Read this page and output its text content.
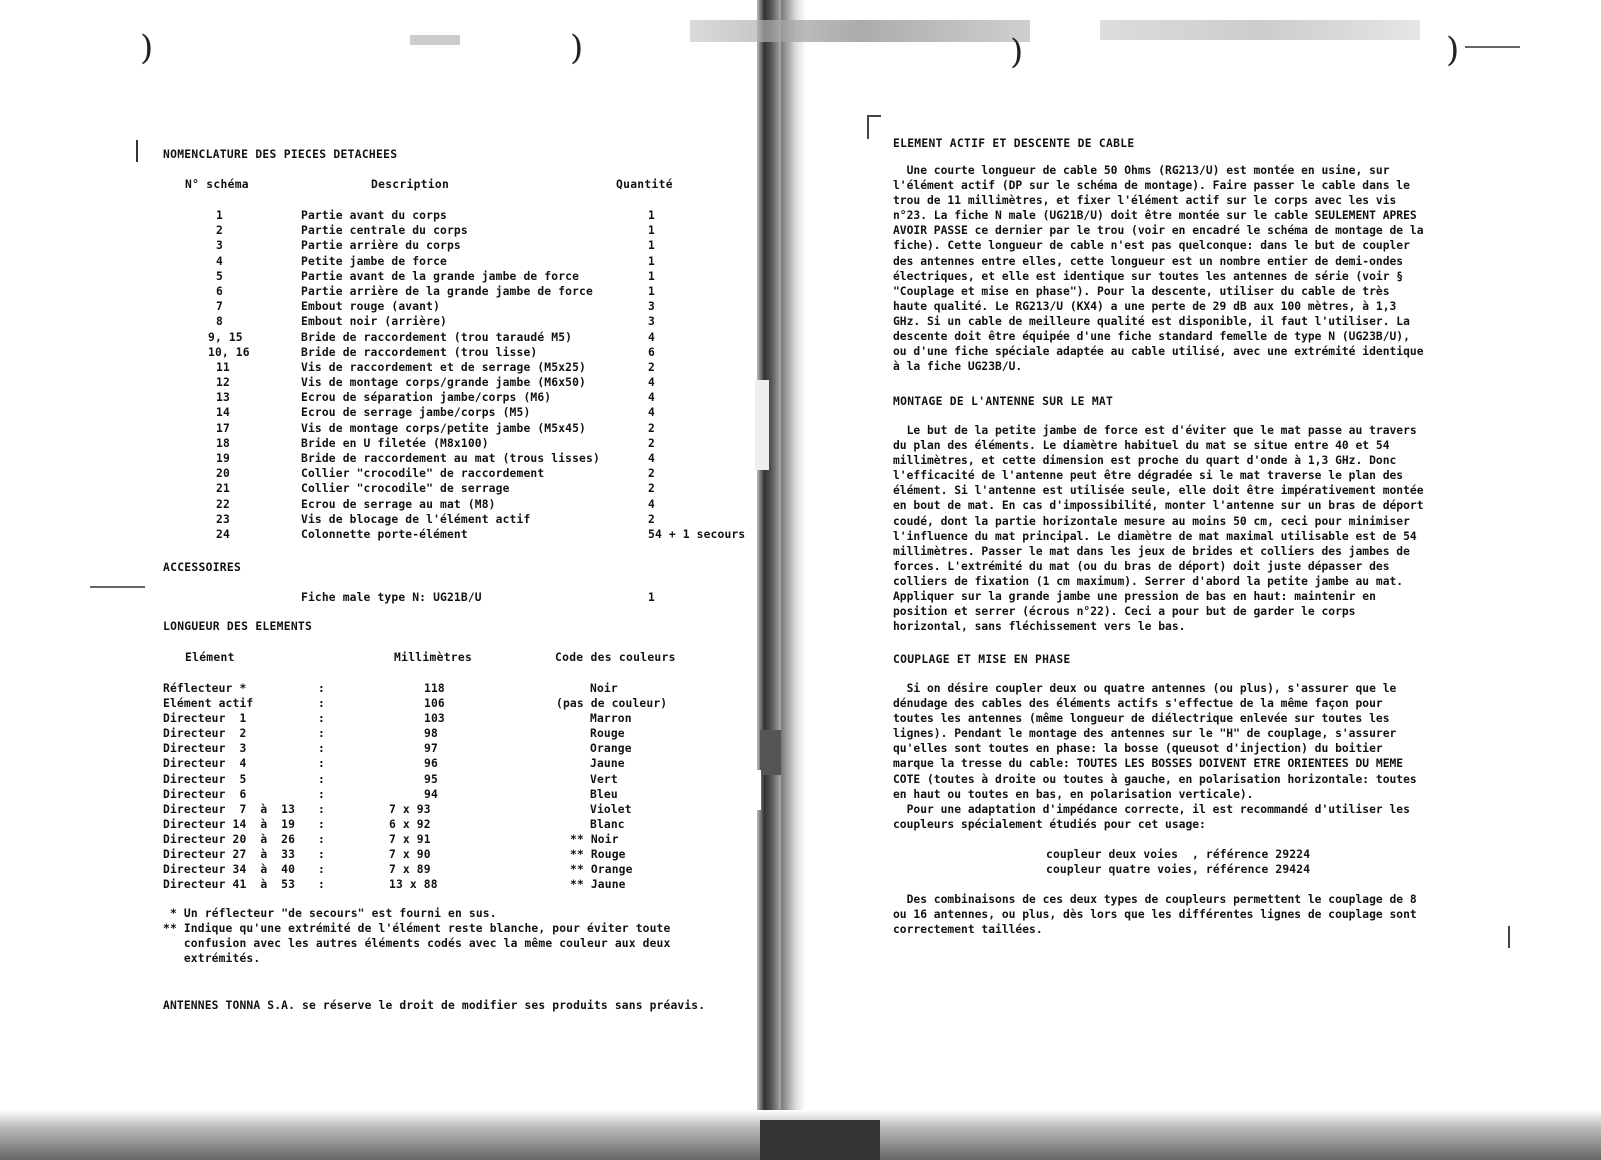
)	)	)	)
NOMENCLATURE DES PIECES DETACHEES
N° schéma	Description	Quantité
1	Partie avant du corps	1
2	Partie centrale du corps	1
3	Partie arrière du corps	1
4	Petite jambe de force	1
5	Partie avant de la grande jambe de force	1
6	Partie arrière de la grande jambe de force	1
7	Embout rouge (avant)	3
8	Embout noir (arrière)	3
9, 15	Bride de raccordement (trou taraudé M5)	4
10, 16	Bride de raccordement (trou lisse)	6
11	Vis de raccordement et de serrage (M5x25)	2
12	Vis de montage corps/grande jambe (M6x50)	4
13	Ecrou de séparation jambe/corps (M6)	4
14	Ecrou de serrage jambe/corps (M5)	4
17	Vis de montage corps/petite jambe (M5x45)	2
18	Bride en U filetée (M8x100)	2
19	Bride de raccordement au mat (trous lisses)	4
20	Collier "crocodile" de raccordement	2
21	Collier "crocodile" de serrage	2
22	Ecrou de serrage au mat (M8)	4
23	Vis de blocage de l'élément actif	2
24	Colonnette porte-élément	54 + 1 secours
ACCESSOIRES
Fiche male type N: UG21B/U	1
LONGUEUR DES ELEMENTS
Elément	Millimètres	Code des couleurs
Réflecteur *	:	118	Noir
Elément actif	:	106	(pas de couleur)
Directeur  1	:	103	Marron
Directeur  2	:	98	Rouge
Directeur  3	:	97	Orange
Directeur  4	:	96	Jaune
Directeur  5	:	95	Vert
Directeur  6	:	94	Bleu
Directeur  7  à  13 :	7 x 93	Violet
Directeur 14  à  19 :	6 x 92	Blanc
Directeur 20  à  26 :	7 x 91	** Noir
Directeur 27  à  33 :	7 x 90	** Rouge
Directeur 34  à  40 :	7 x 89	** Orange
Directeur 41  à  53 :	13 x 88	** Jaune
* Un réflecteur "de secours" est fourni en sus.
** Indique qu'une extrémité de l'élément reste blanche, pour éviter toute
confusion avec les autres éléments codés avec la même couleur aux deux
extrémités.
ANTENNES TONNA S.A. se réserve le droit de modifier ses produits sans préavis.
ELEMENT ACTIF ET DESCENTE DE CABLE
Une courte longueur de cable 50 Ohms (RG213/U) est montée en usine, sur
l'élément actif (DP sur le schéma de montage). Faire passer le cable dans le
trou de 11 millimètres, et fixer l'élément actif sur le corps avec les vis
n°23. La fiche N male (UG21B/U) doit être montée sur le cable SEULEMENT APRES
AVOIR PASSE ce dernier par le trou (voir en encadré le schéma de montage de la
fiche). Cette longueur de cable n'est pas quelconque: dans le but de coupler
des antennes entre elles, cette longueur est un nombre entier de demi-ondes
électriques, et elle est identique sur toutes les antennes de série (voir §
"Couplage et mise en phase"). Pour la descente, utiliser du cable de très
haute qualité. Le RG213/U (KX4) a une perte de 29 dB aux 100 mètres, à 1,3
GHz. Si un cable de meilleure qualité est disponible, il faut l'utiliser. La
descente doit être équipée d'une fiche standard femelle de type N (UG23B/U),
ou d'une fiche spéciale adaptée au cable utilisé, avec une extrémité identique
à la fiche UG23B/U.
MONTAGE DE L'ANTENNE SUR LE MAT
Le but de la petite jambe de force est d'éviter que le mat passe au travers
du plan des éléments. Le diamètre habituel du mat se situe entre 40 et 54
millimètres, et cette dimension est proche du quart d'onde à 1,3 GHz. Donc
l'efficacité de l'antenne peut être dégradée si le mat traverse le plan des
élément. Si l'antenne est utilisée seule, elle doit être impérativement montée
en bout de mat. En cas d'impossibilité, monter l'antenne sur un bras de déport
coudé, dont la partie horizontale mesure au moins 50 cm, ceci pour minimiser
l'influence du mat principal. Le diamètre de mat maximal utilisable est de 54
millimètres. Passer le mat dans les jeux de brides et colliers des jambes de
forces. L'extrémité du mat (ou du bras de déport) doit juste dépasser des
colliers de fixation (1 cm maximum). Serrer d'abord la petite jambe au mat.
Appliquer sur la grande jambe une pression de bas en haut: maintenir en
position et serrer (écrous n°22). Ceci a pour but de garder le corps
horizontal, sans fléchissement vers le bas.
COUPLAGE ET MISE EN PHASE
Si on désire coupler deux ou quatre antennes (ou plus), s'assurer que le
dénudage des cables des éléments actifs s'effectue de la même façon pour
toutes les antennes (même longueur de diélectrique enlevée sur toutes les
lignes). Pendant le montage des antennes sur le "H" de couplage, s'assurer
qu'elles sont toutes en phase: la bosse (queusot d'injection) du boitier
marque la tresse du cable: TOUTES LES BOSSES DOIVENT ETRE ORIENTEES DU MEME
COTE (toutes à droite ou toutes à gauche, en polarisation horizontale: toutes
en haut ou toutes en bas, en polarisation verticale).
Pour une adaptation d'impédance correcte, il est recommandé d'utiliser les
coupleurs spécialement étudiés pour cet usage:
coupleur deux voies  , référence 29224
coupleur quatre voies, référence 29424
Des combinaisons de ces deux types de coupleurs permettent le couplage de 8
ou 16 antennes, ou plus, dès lors que les différentes lignes de couplage sont
correctement taillées.
